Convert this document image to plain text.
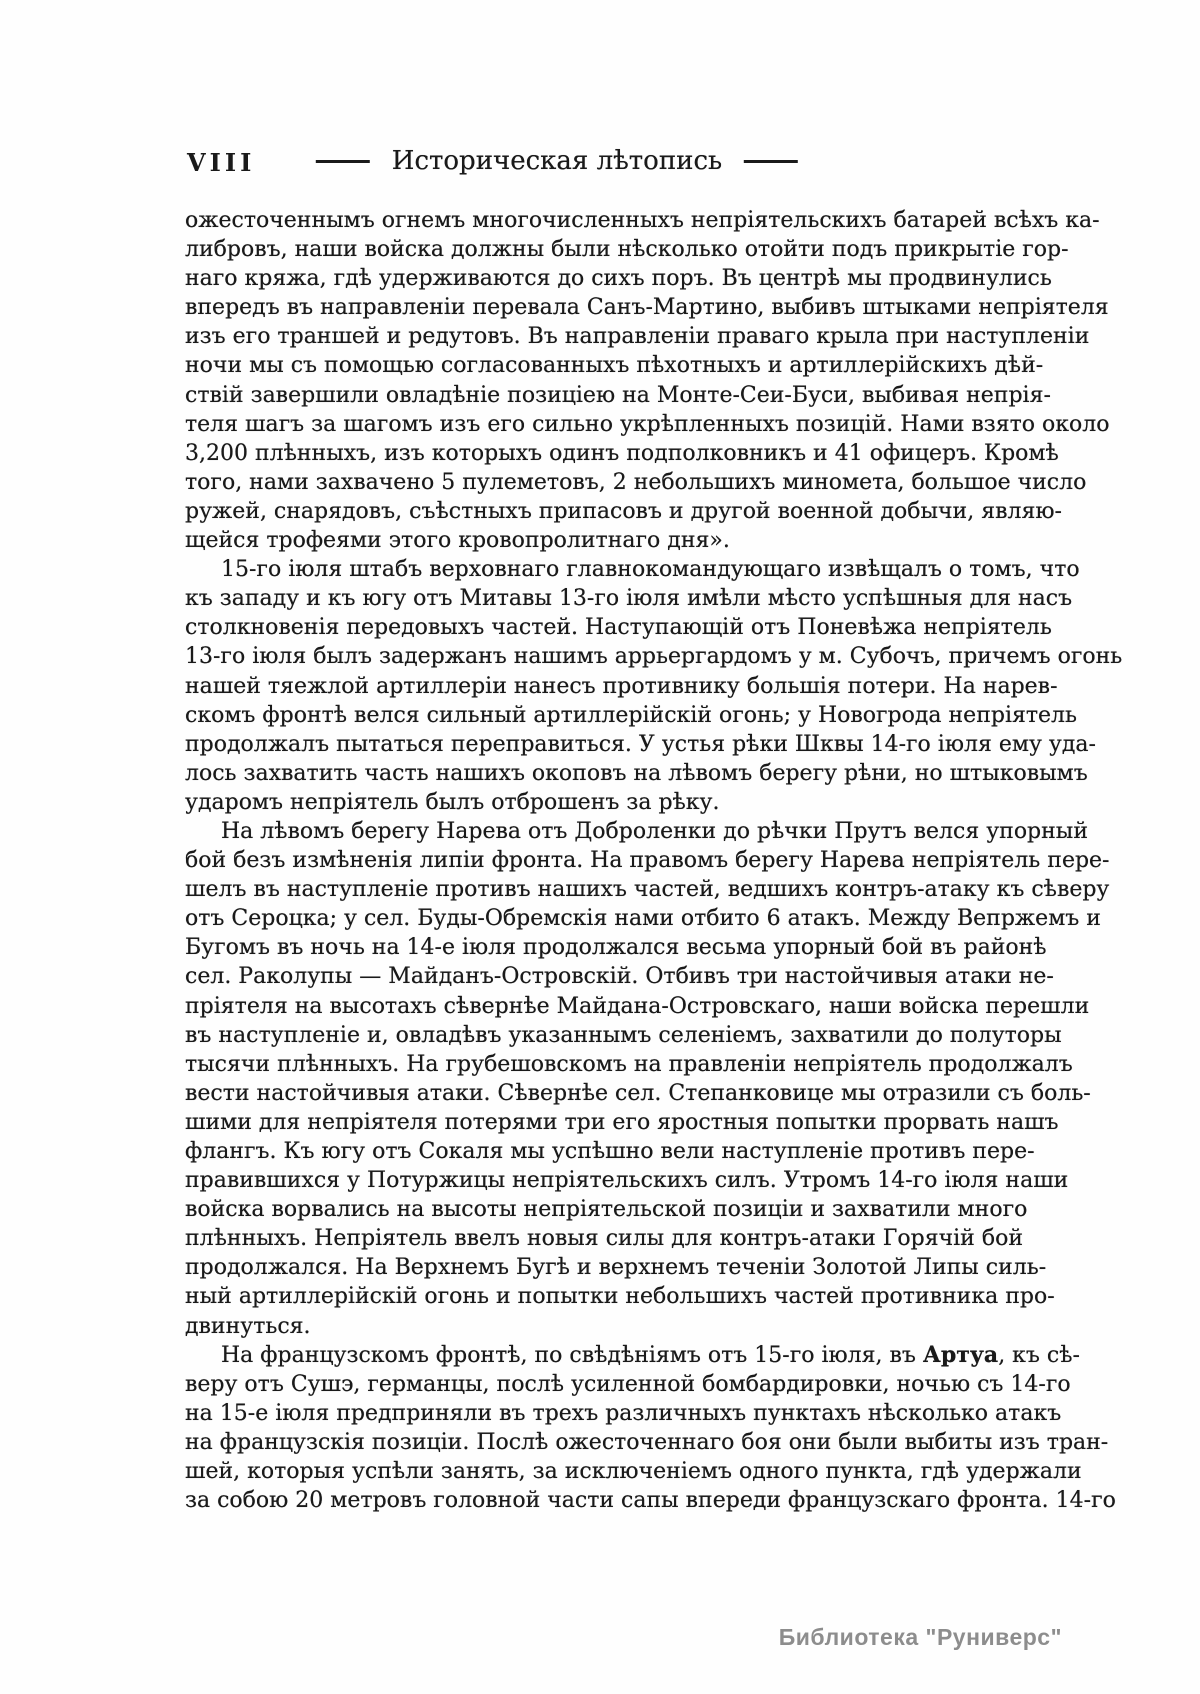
VIII	Историческая лѣтопись
ожесточеннымъ огнемъ многочисленныхъ непріятельскихъ батарей всѣхъ ка-
либровъ, наши войска должны были нѣсколько отойти подъ прикрытіе гор-
наго кряжа, гдѣ удерживаются до сихъ поръ. Въ центрѣ мы продвинулись
впередъ въ направленіи перевала Санъ-Мартино, выбивъ штыками непріятеля
изъ его траншей и редутовъ. Въ направленіи праваго крыла при наступленіи
ночи мы съ помощью согласованныхъ пѣхотныхъ и артиллерійскихъ дѣй-
ствій завершили овладѣніе позиціею на Монте-Сеи-Буси, выбивая непрія-
теля шагъ за шагомъ изъ его сильно укрѣпленныхъ позицій. Нами взято около
3,200 плѣнныхъ, изъ которыхъ одинъ подполковникъ и 41 офицеръ. Кромѣ
того, нами захвачено 5 пулеметовъ, 2 небольшихъ миномета, большое число
ружей, снарядовъ, съѣстныхъ припасовъ и другой военной добычи, являю-
щейся трофеями этого кровопролитнаго дня».
15-го іюля штабъ верховнаго главнокомандующаго извѣщалъ о томъ, что
къ западу и къ югу отъ Митавы 13-го іюля имѣли мѣсто успѣшныя для насъ
столкновенія передовыхъ частей. Наступающій отъ Поневѣжа непріятель
13-го іюля былъ задержанъ нашимъ аррьергардомъ у м. Субочъ, причемъ огонь
нашей тяежлой артиллеріи нанесъ противнику большія потери. На нарев-
скомъ фронтѣ велся сильный артиллерійскій огонь; у Новогрода непріятель
продолжалъ пытаться переправиться. У устья рѣки Шквы 14-го іюля ему уда-
лось захватить часть нашихъ окоповъ на лѣвомъ берегу рѣни, но штыковымъ
ударомъ непріятель былъ отброшенъ за рѣку.
На лѣвомъ берегу Нарева отъ Доброленки до рѣчки Прутъ велся упорный
бой безъ измѣненія липіи фронта. На правомъ берегу Нарева непріятель пере-
шелъ въ наступленіе противъ нашихъ частей, ведшихъ контръ-атаку къ сѣверу
отъ Сероцка; у сел. Буды-Обремскія нами отбито 6 атакъ. Между Вепржемъ и
Бугомъ въ ночь на 14-е іюля продолжался весьма упорный бой въ районѣ
сел. Раколупы — Майданъ-Островскій. Отбивъ три настойчивыя атаки не-
пріятеля на высотахъ сѣвернѣе Майдана-Островскаго, наши войска перешли
въ наступленіе и, овладѣвъ указаннымъ селеніемъ, захватили до полуторы
тысячи плѣнныхъ. На грубешовскомъ на правленіи непріятель продолжалъ
вести настойчивыя атаки. Сѣвернѣе сел. Степанковице мы отразили съ боль-
шими для непріятеля потерями три его яростныя попытки прорвать нашъ
флангъ. Къ югу отъ Сокаля мы успѣшно вели наступленіе противъ пере-
правившихся у Потуржицы непріятельскихъ силъ. Утромъ 14-го іюля наши
войска ворвались на высоты непріятельской позиціи и захватили много
плѣнныхъ. Непріятель ввелъ новыя силы для контръ-атаки Горячій бой
продолжался. На Верхнемъ Бугѣ и верхнемъ теченіи Золотой Липы силь-
ный артиллерійскій огонь и попытки небольшихъ частей противника про-
двинуться.
На французскомъ фронтѣ, по свѣдѣніямъ отъ 15-го іюля, въ Артуа, къ сѣ-
веру отъ Сушэ, германцы, послѣ усиленной бомбардировки, ночью съ 14-го
на 15-е іюля предприняли въ трехъ различныхъ пунктахъ нѣсколько атакъ
на французскія позиціи. Послѣ ожесточеннаго боя они были выбиты изъ тран-
шей, которыя успѣли занять, за исключеніемъ одного пункта, гдѣ удержали
за собою 20 метровъ головной части сапы впереди французскаго фронта. 14-го
Библиотека "Руниверс"
